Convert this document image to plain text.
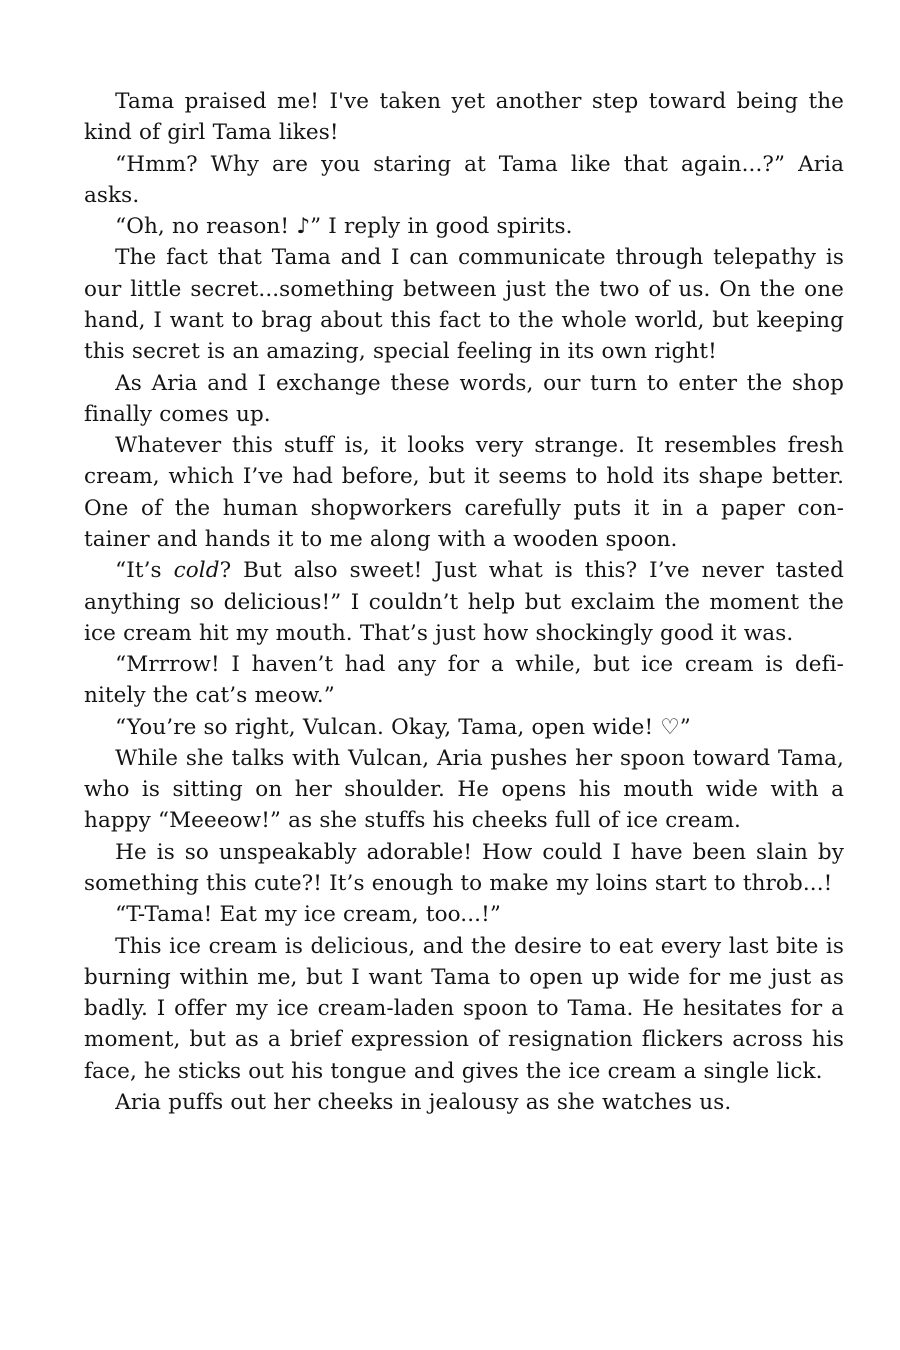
Tama praised me! I've taken yet another step toward being the kind of girl Tama likes!

“Hmm? Why are you staring at Tama like that again...?” Aria asks.

“Oh, no reason! ♪” I reply in good spirits.

The fact that Tama and I can communicate through telepathy is our little secret...something between just the two of us. On the one hand, I want to brag about this fact to the whole world, but keeping this secret is an amazing, special feeling in its own right!

As Aria and I exchange these words, our turn to enter the shop finally comes up.

Whatever this stuff is, it looks very strange. It resembles fresh cream, which I’ve had before, but it seems to hold its shape better. One of the human shopworkers carefully puts it in a paper con-tainer and hands it to me along with a wooden spoon.

“It’s cold? But also sweet! Just what is this? I’ve never tasted anything so delicious!” I couldn’t help but exclaim the moment the ice cream hit my mouth. That’s just how shockingly good it was.

“Mrrrow! I haven’t had any for a while, but ice cream is defi-nitely the cat’s meow.”

“You’re so right, Vulcan. Okay, Tama, open wide! ♡”

While she talks with Vulcan, Aria pushes her spoon toward Tama, who is sitting on her shoulder. He opens his mouth wide with a happy “Meeeow!” as she stuffs his cheeks full of ice cream.

He is so unspeakably adorable! How could I have been slain by something this cute?! It’s enough to make my loins start to throb...!

“T-Tama! Eat my ice cream, too...!”

This ice cream is delicious, and the desire to eat every last bite is burning within me, but I want Tama to open up wide for me just as badly. I offer my ice cream-laden spoon to Tama. He hesitates for a moment, but as a brief expression of resignation flickers across his face, he sticks out his tongue and gives the ice cream a single lick.

Aria puffs out her cheeks in jealousy as she watches us.
